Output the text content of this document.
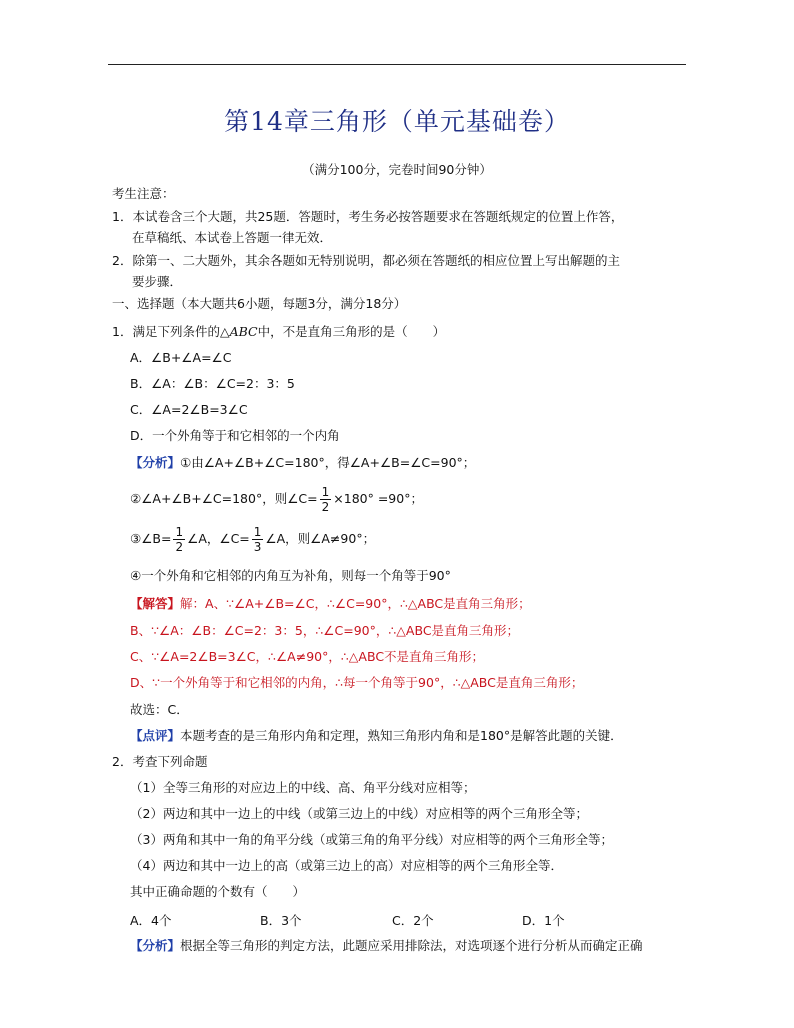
第14章三角形（单元基础卷）
（满分100分，完卷时间90分钟）
考生注意：
1．本试卷含三个大题，共25题．答题时，考生务必按答题要求在答题纸规定的位置上作答，
在草稿纸、本试卷上答题一律无效．
2．除第一、二大题外，其余各题如无特别说明，都必须在答题纸的相应位置上写出解题的主
要步骤．
一、选择题（本大题共6小题，每题3分，满分18分）
1．满足下列条件的△ABC中，不是直角三角形的是（　　）
A．∠B+∠A=∠C
B．∠A：∠B：∠C=2：3：5
C．∠A=2∠B=3∠C
D．一个外角等于和它相邻的一个内角
【分析】①由∠A+∠B+∠C=180°，得∠A+∠B=∠C=90°；
②∠A+∠B+∠C=180°，则∠C= $\frac{1}{2} \times 180^\circ =90^\circ$；
③∠B= $\frac{1}{2}$ ∠A，∠C= $\frac{1}{3}$ ∠A，则∠A≠90°；
④一个外角和它相邻的内角互为补角，则每一个角等于90°
【解答】解：A、∵∠A+∠B=∠C，∴∠C=90°，∴△ABC是直角三角形；
B、∵∠A：∠B：∠C=2：3：5，∴∠C=90°，∴△ABC是直角三角形；
C、∵∠A=2∠B=3∠C，∴∠A≠90°，∴△ABC不是直角三角形；
D、∵一个外角等于和它相邻的内角，∴每一个角等于90°，∴△ABC是直角三角形；
故选：C．
【点评】本题考查的是三角形内角和定理，熟知三角形内角和是180°是解答此题的关键．
2．考查下列命题
（1）全等三角形的对应边上的中线、高、角平分线对应相等；
（2）两边和其中一边上的中线（或第三边上的中线）对应相等的两个三角形全等；
（3）两角和其中一角的角平分线（或第三角的角平分线）对应相等的两个三角形全等；
（4）两边和其中一边上的高（或第三边上的高）对应相等的两个三角形全等．
其中正确命题的个数有（　　）
A．4个	B．3个	C．2个	D．1个
【分析】根据全等三角形的判定方法，此题应采用排除法，对选项逐个进行分析从而确定正确
